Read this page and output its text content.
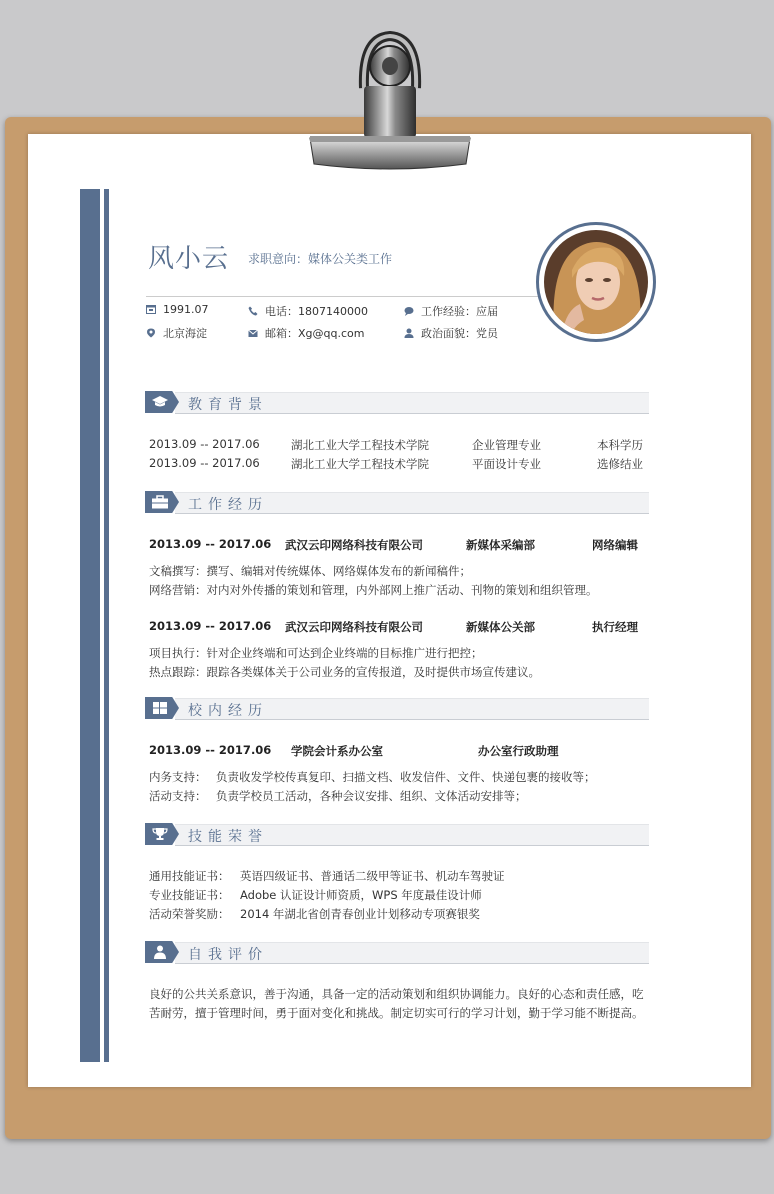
风小云 求职意向：媒体公关类工作
1991.07	电话：1807140000	工作经验：应届
北京海淀	邮箱：Xg@qq.com	政治面貌：党员
教育背景
2013.09 -- 2017.06	湖北工业大学工程技术学院	企业管理专业	本科学历
2013.09 -- 2017.06	湖北工业大学工程技术学院	平面设计专业	选修结业
工作经历
2013.09 -- 2017.06 武汉云印网络科技有限公司	新媒体采编部	网络编辑
文稿撰写：撰写、编辑对传统媒体、网络媒体发布的新闻稿件；
网络营销：对内对外传播的策划和管理，内外部网上推广活动、刊物的策划和组织管理。
2013.09 -- 2017.06 武汉云印网络科技有限公司	新媒体公关部	执行经理
项目执行：针对企业终端和可达到企业终端的目标推广进行把控；
热点跟踪：跟踪各类媒体关于公司业务的宣传报道，及时提供市场宣传建议。
校内经历
2013.09 -- 2017.06 学院会计系办公室	办公室行政助理
内务支持： 负责收发学校传真复印、扫描文档、收发信件、文件、快递包裹的接收等；
活动支持： 负责学校员工活动，各种会议安排、组织、文体活动安排等；
技能荣誉
通用技能证书： 英语四级证书、普通话二级甲等证书、机动车驾驶证
专业技能证书： Adobe 认证设计师资质，WPS 年度最佳设计师
活动荣誉奖励： 2014 年湖北省创青春创业计划移动专项赛银奖
自我评价
良好的公共关系意识，善于沟通，具备一定的活动策划和组织协调能力。良好的心态和责任感，吃
苦耐劳，擅于管理时间，勇于面对变化和挑战。制定切实可行的学习计划，勤于学习能不断提高。
